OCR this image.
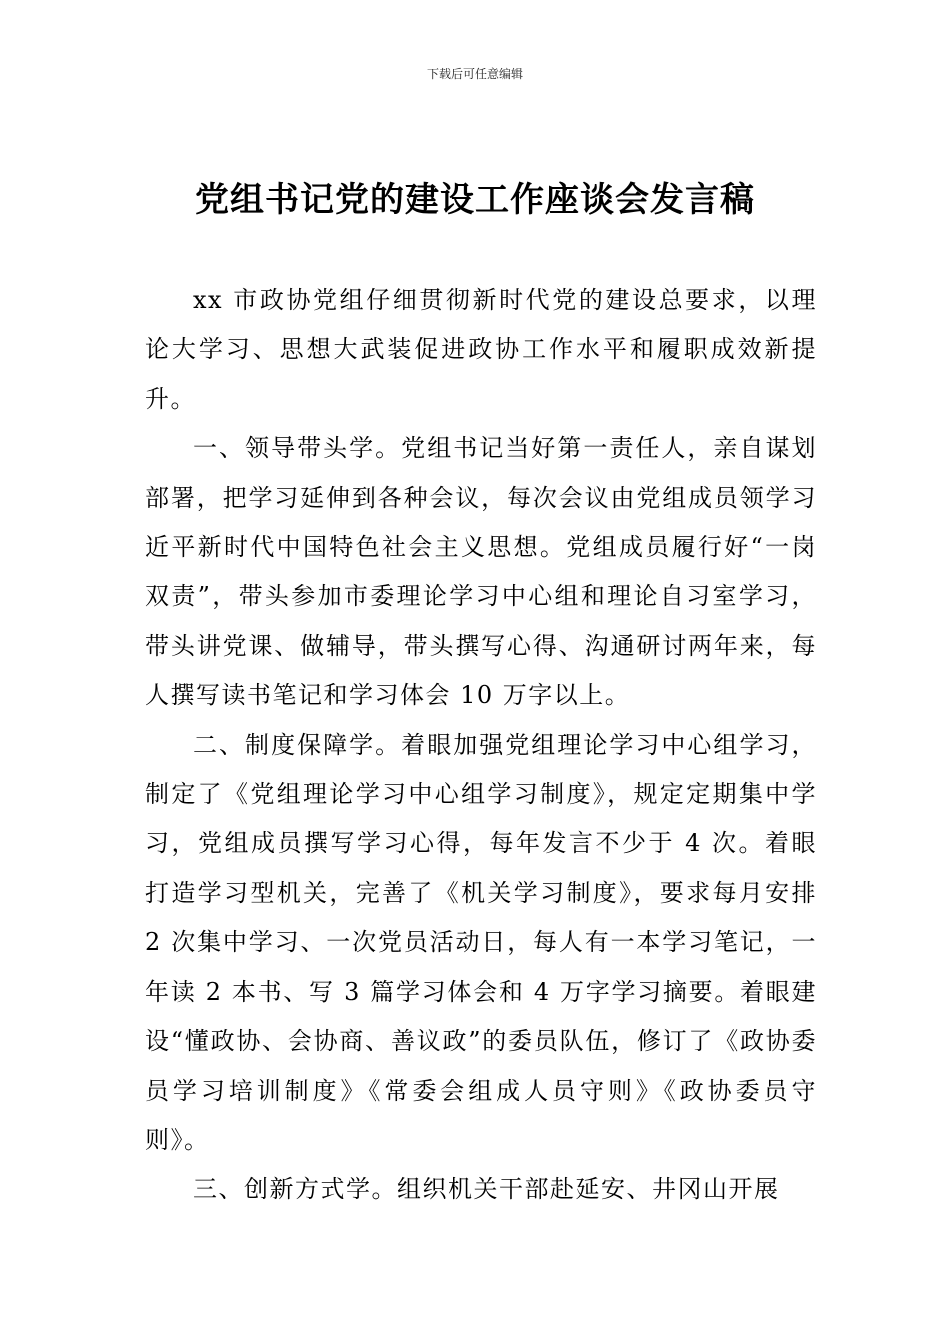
下载后可任意编辑
党组书记党的建设工作座谈会发言稿

xx 市政协党组仔细贯彻新时代党的建设总要求，以理论大学习、思想大武装促进政协工作水平和履职成效新提升。

一、领导带头学。党组书记当好第一责任人，亲自谋划部署，把学习延伸到各种会议，每次会议由党组成员领学习近平新时代中国特色社会主义思想。党组成员履行好“一岗双责”，带头参加市委理论学习中心组和理论自习室学习，带头讲党课、做辅导，带头撰写心得、沟通研讨两年来，每人撰写读书笔记和学习体会 10 万字以上。

二、制度保障学。着眼加强党组理论学习中心组学习，制定了《党组理论学习中心组学习制度》，规定定期集中学习，党组成员撰写学习心得，每年发言不少于 4 次。着眼打造学习型机关，完善了《机关学习制度》，要求每月安排 2 次集中学习、一次党员活动日，每人有一本学习笔记，一年读 2 本书、写 3 篇学习体会和 4 万字学习摘要。着眼建设“懂政协、会协商、善议政”的委员队伍，修订了《政协委员学习培训制度》《常委会组成人员守则》《政协委员守则》。

三、创新方式学。组织机关干部赴延安、井冈山开展
